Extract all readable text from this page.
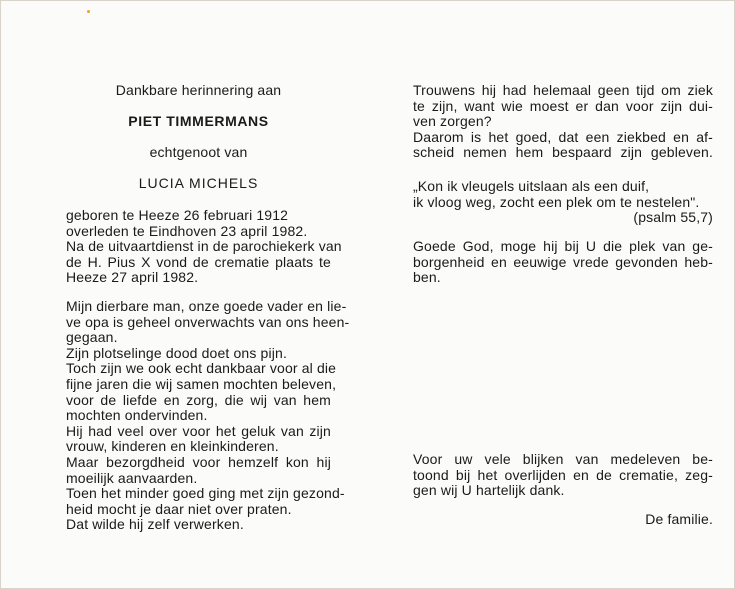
Dankbare herinnering aan
PIET TIMMERMANS
echtgenoot van
LUCIA MICHELS
geboren te Heeze 26 februari 1912
overleden te Eindhoven 23 april 1982.
Na de uitvaartdienst in de parochiekerk van
de H. Pius X vond de crematie plaats te
Heeze 27 april 1982.
Mijn dierbare man, onze goede vader en lie-
ve opa is geheel onverwachts van ons heen-
gegaan.
Zijn plotselinge dood doet ons pijn.
Toch zijn we ook echt dankbaar voor al die
fijne jaren die wij samen mochten beleven,
voor de liefde en zorg, die wij van hem
mochten ondervinden.
Hij had veel over voor het geluk van zijn
vrouw, kinderen en kleinkinderen.
Maar bezorgdheid voor hemzelf kon hij
moeilijk aanvaarden.
Toen het minder goed ging met zijn gezond-
heid mocht je daar niet over praten.
Dat wilde hij zelf verwerken.
Trouwens hij had helemaal geen tijd om ziek
te zijn, want wie moest er dan voor zijn dui-
ven zorgen?
Daarom is het goed, dat een ziekbed en af-
scheid nemen hem bespaard zijn gebleven.
„Kon ik vleugels uitslaan als een duif,
ik vloog weg, zocht een plek om te nestelen".
(psalm 55,7)
Goede God, moge hij bij U die plek van ge-
borgenheid en eeuwige vrede gevonden heb-
ben.
Voor uw vele blijken van medeleven be-
toond bij het overlijden en de crematie, zeg-
gen wij U hartelijk dank.
De familie.
